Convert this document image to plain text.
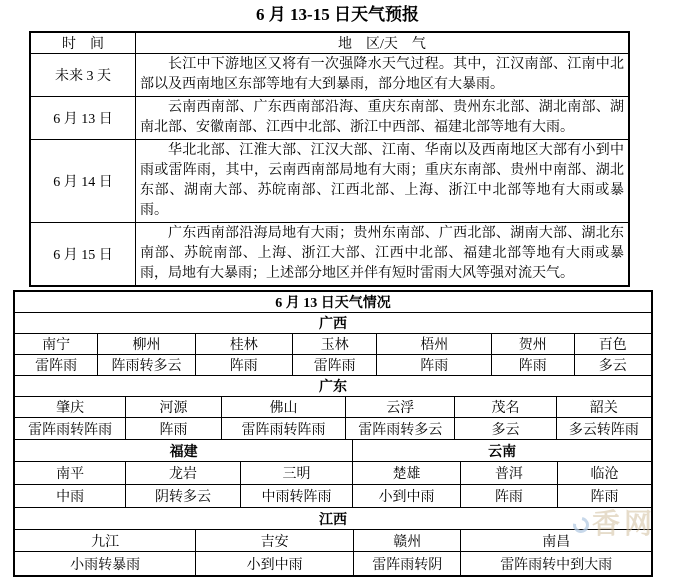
6 月 13-15 日天气预报
时　间	地　区/天　气
未来 3 天
长江中下游地区又将有一次强降水天气过程。其中，江汉南部、江南中北部以及西南地区东部等地有大到暴雨，部分地区有大暴雨。
6 月 13 日
云南西南部、广东西南部沿海、重庆东南部、贵州东北部、湖北南部、湖南北部、安徽南部、江西中北部、浙江中西部、福建北部等地有大雨。
6 月 14 日
华北北部、江淮大部、江汉大部、江南、华南以及西南地区大部有小到中雨或雷阵雨，其中，云南西南部局地有大雨；重庆东南部、贵州中南部、湖北东部、湖南大部、苏皖南部、江西北部、上海、浙江中北部等地有大雨或暴雨。
6 月 15 日
广东西南部沿海局地有大雨；贵州东南部、广西北部、湖南大部、湖北东南部、苏皖南部、上海、浙江大部、江西中北部、福建北部等地有大雨或暴雨，局地有大暴雨；上述部分地区并伴有短时雷雨大风等强对流天气。
6 月 13 日天气情况
广西
南宁	柳州	桂林	玉林	梧州	贺州	百色
雷阵雨	阵雨转多云	阵雨	雷阵雨	阵雨	阵雨	多云
广东
肇庆	河源	佛山	云浮	茂名	韶关
雷阵雨转阵雨	阵雨	雷阵雨转阵雨	雷阵雨转多云	多云	多云转阵雨
福建	云南
南平	龙岩	三明	楚雄	普洱	临沧
中雨	阴转多云	中雨转阵雨	小到中雨	阵雨	阵雨
江西
九江	吉安	赣州	南昌
小雨转暴雨	小到中雨	雷阵雨转阴	雷阵雨转中到大雨
香网
